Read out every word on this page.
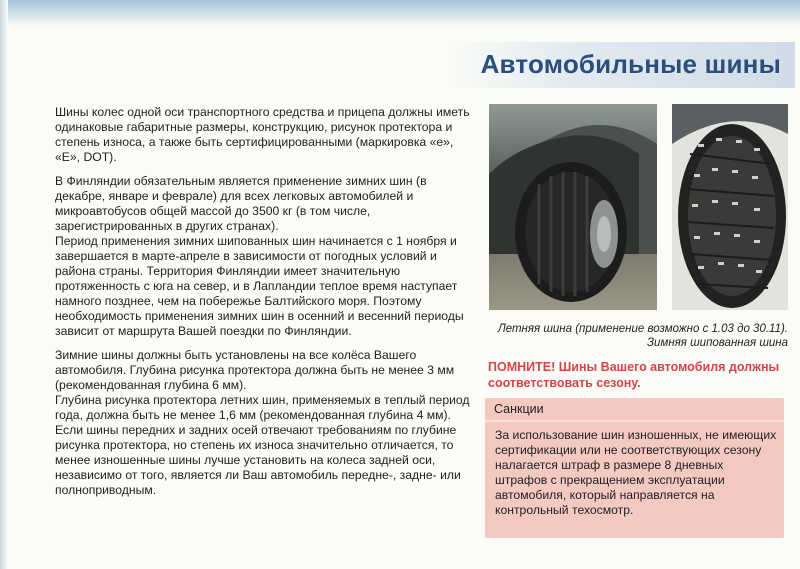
Автомобильные шины

Шины колес одной оси транспортного средства и прицепа должны иметь одинаковые габаритные размеры, конструкцию, рисунок протектора и степень износа, а также быть сертифицированными (маркировка «е», «Е», DOT).

В Финляндии обязательным является применение зимних шин (в декабре, январе и феврале) для всех легковых автомобилей и микроавтобусов общей массой до 3500 кг (в том числе, зарегистрированных в других странах).

Период применения зимних шипованных шин начинается с 1 ноября и завершается в марте-апреле в зависимости от погодных условий и района страны. Территория Финляндии имеет значительную протяженность с юга на север, и в Лапландии теплое время наступает намного позднее, чем на побережье Балтийского моря. Поэтому необходимость применения зимних шин в осенний и весенний периоды зависит от маршрута Вашей поездки по Финляндии.

Зимние шины должны быть установлены на все колёса Вашего автомобиля. Глубина рисунка протектора должна быть не менее 3 мм (рекомендованная глубина 6 мм).

Глубина рисунка протектора летних шин, применяемых в теплый период года, должна быть не менее 1,6 мм (рекомендованная глубина 4 мм).

Если шины передних и задних осей отвечают требованиям по глубине рисунка протектора, но степень их износа значительно отличается, то менее изношенные шины лучше установить на колеса задней оси, независимо от того, является ли Ваш автомобиль передне-, задне- или полноприводным.

Летняя шина (применение возможно с 1.03 до 30.11).
Зимняя шипованная шина
ПОМНИТЕ! Шины Вашего автомобиля должны соответствовать сезону.
Санкции
За использование шин изношенных, не имеющих сертификации или не соответствующих сезону налагается штраф в размере 8 дневных штрафов с прекращением эксплуатации автомобиля, который направляется на контрольный техосмотр.
